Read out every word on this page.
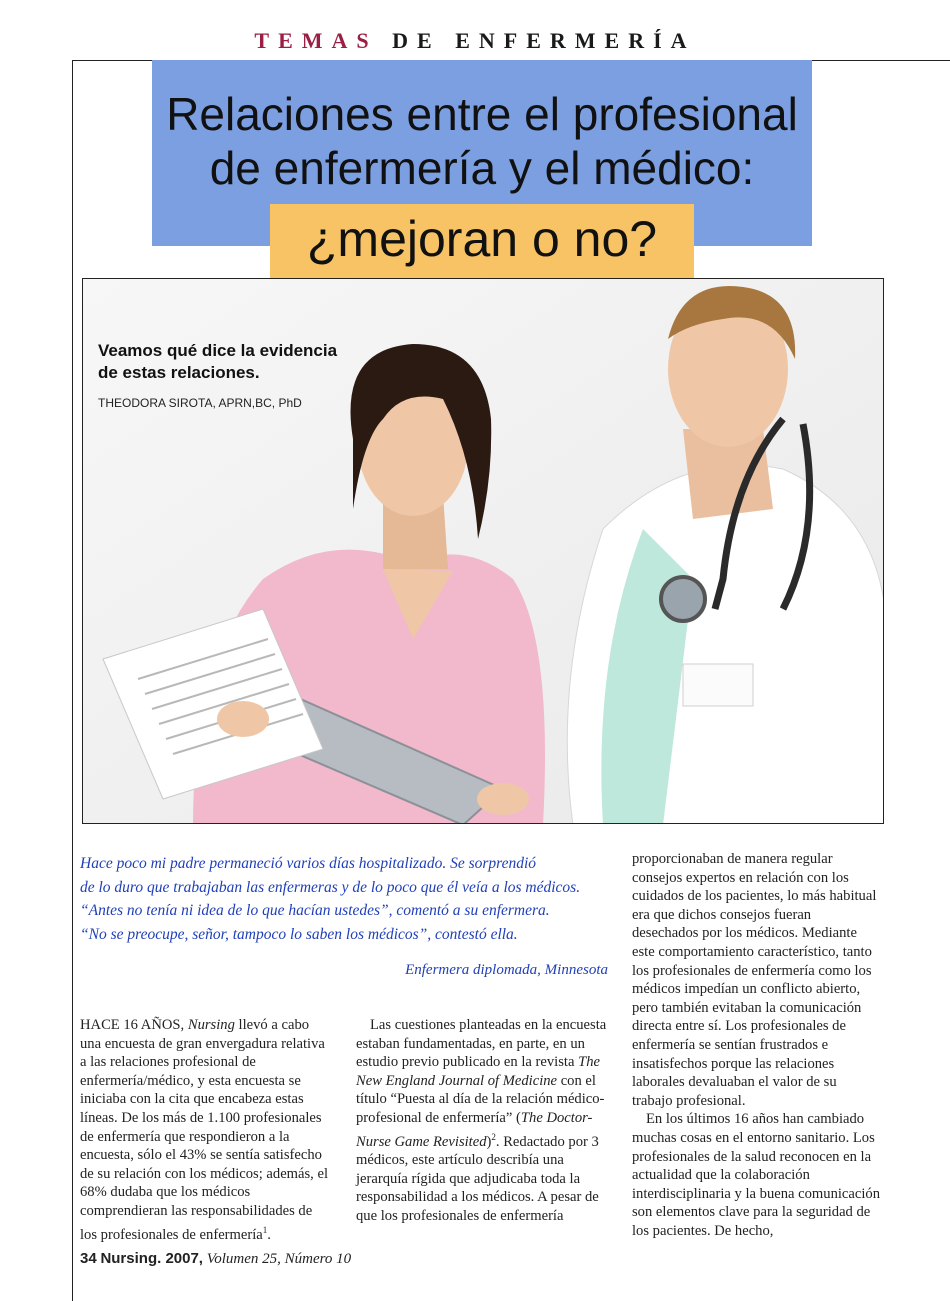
TEMAS DE ENFERMERÍA
Relaciones entre el profesional
de enfermería y el médico:
¿mejoran o no?
Veamos qué dice la evidencia
de estas relaciones.
THEODORA SIROTA, APRN,BC, PhD

Hace poco mi padre permaneció varios días hospitalizado. Se sorprendió

de lo duro que trabajaban las enfermeras y de lo poco que él veía a los médicos.

“Antes no tenía ni idea de lo que hacían ustedes”, comentó a su enfermera.

“No se preocupe, señor, tampoco lo saben los médicos”, contestó ella.

Enfermera diplomada, Minnesota

HACE 16 AÑOS, Nursing llevó a cabo una encuesta de gran envergadura relativa a las relaciones profesional de enfermería/médico, y esta encuesta se iniciaba con la cita que encabeza estas líneas. De los más de 1.100 profesionales de enfermería que respondieron a la encuesta, sólo el 43% se sentía satisfecho de su relación con los médicos; además, el 68% dudaba que los médicos comprendieran las responsabilidades de los profesionales de enfermería$^1$.

Las cuestiones planteadas en la encuesta estaban fundamentadas, en parte, en un estudio previo publicado en la revista The New England Journal of Medicine con el título “Puesta al día de la relación médico-profesional de enfermería” (The Doctor-Nurse Game Revisited)$^2$. Redactado por 3 médicos, este artículo describía una jerarquía rígida que adjudicaba toda la responsabilidad a los médicos. A pesar de que los profesionales de enfermería

proporcionaban de manera regular consejos expertos en relación con los cuidados de los pacientes, lo más habitual era que dichos consejos fueran desechados por los médicos. Mediante este comportamiento característico, tanto los profesionales de enfermería como los médicos impedían un conflicto abierto, pero también evitaban la comunicación directa entre sí. Los profesionales de enfermería se sentían frustrados e insatisfechos porque las relaciones laborales devaluaban el valor de su trabajo profesional.

En los últimos 16 años han cambiado muchas cosas en el entorno sanitario. Los profesionales de la salud reconocen en la actualidad que la colaboración interdisciplinaria y la buena comunicación son elementos clave para la seguridad de los pacientes. De hecho,

34 Nursing. 2007, Volumen 25, Número 10
